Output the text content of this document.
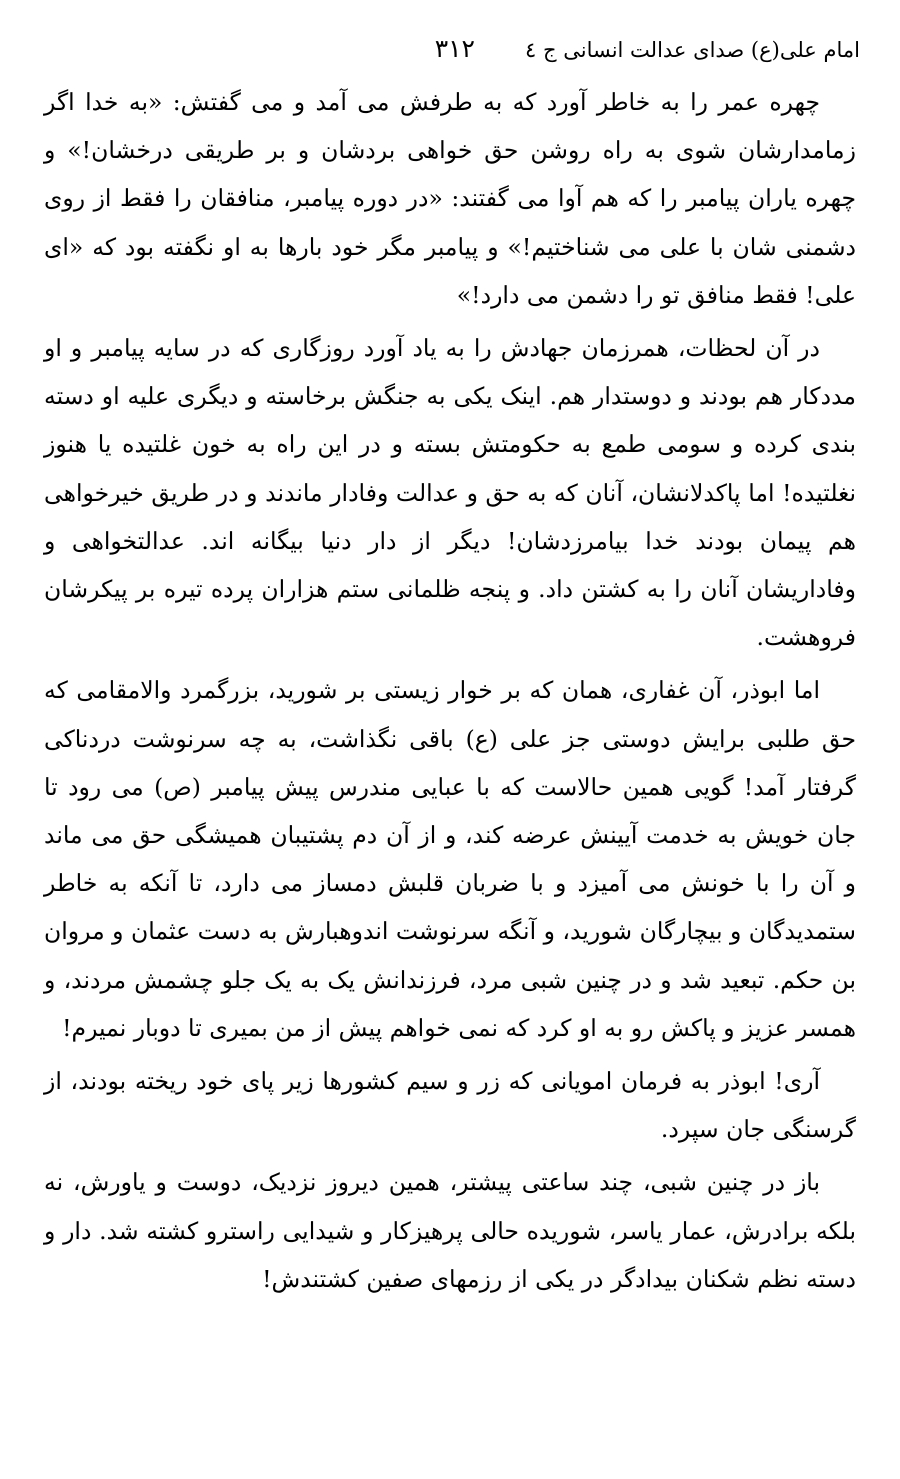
امام علی(ع) صدای عدالت انسانی ج ٤
٣١٢

چهره عمر را به خاطر آورد که به طرفش می آمد و می گفتش: «به خدا اگر زمامدارشان شوی به راه روشن حق خواهی بردشان و بر طریقی درخشان!» و چهره یاران پیامبر را که هم آوا می گفتند: «در دوره پیامبر، منافقان را فقط از روی دشمنی شان با علی می شناختیم!» و پیامبر مگر خود بارها به او نگفته بود که «ای علی! فقط منافق تو را دشمن می دارد!»

در آن لحظات، همرزمان جهادش را به یاد آورد روزگاری که در سایه پیامبر و او مددکار هم بودند و دوستدار هم. اینک یکی به جنگش برخاسته و دیگری علیه او دسته بندی کرده و سومی طمع به حکومتش بسته و در این راه به خون غلتیده یا هنوز نغلتیده! اما پاکدلانشان، آنان که به حق و عدالت وفادار ماندند و در طریق خیرخواهی هم پیمان بودند خدا بیامرزدشان! دیگر از دار دنیا بیگانه اند. عدالتخواهی و وفاداریشان آنان را به کشتن داد. و پنجه ظلمانی ستم هزاران پرده تیره بر پیکرشان فروهشت.

اما ابوذر، آن غفاری، همان که بر خوار زیستی بر شورید، بزرگمرد والامقامی که حق طلبی برایش دوستی جز علی (ع) باقی نگذاشت، به چه سرنوشت دردناکی گرفتار آمد! گویی همین حالاست که با عبایی مندرس پیش پیامبر (ص) می رود تا جان خویش به خدمت آیینش عرضه کند، و از آن دم پشتیبان همیشگی حق می ماند و آن را با خونش می آمیزد و با ضربان قلبش دمساز می دارد، تا آنکه به خاطر ستمدیدگان و بیچارگان شورید، و آنگه سرنوشت اندوهبارش به دست عثمان و مروان بن حکم. تبعید شد و در چنین شبی مرد، فرزندانش یک به یک جلو چشمش مردند، و همسر عزیز و پاکش رو به او کرد که نمی خواهم پیش از من بمیری تا دوبار نمیرم!

آری! ابوذر به فرمان امویانی که زر و سیم کشورها زیر پای خود ریخته بودند، از گرسنگی جان سپرد.

باز در چنین شبی، چند ساعتی پیشتر، همین دیروز نزدیک، دوست و یاورش، نه بلکه برادرش، عمار یاسر، شوریده حالی پرهیزکار و شیدایی راسترو کشته شد. دار و دسته نظم شکنان بیدادگر در یکی از رزمهای صفین کشتندش!
